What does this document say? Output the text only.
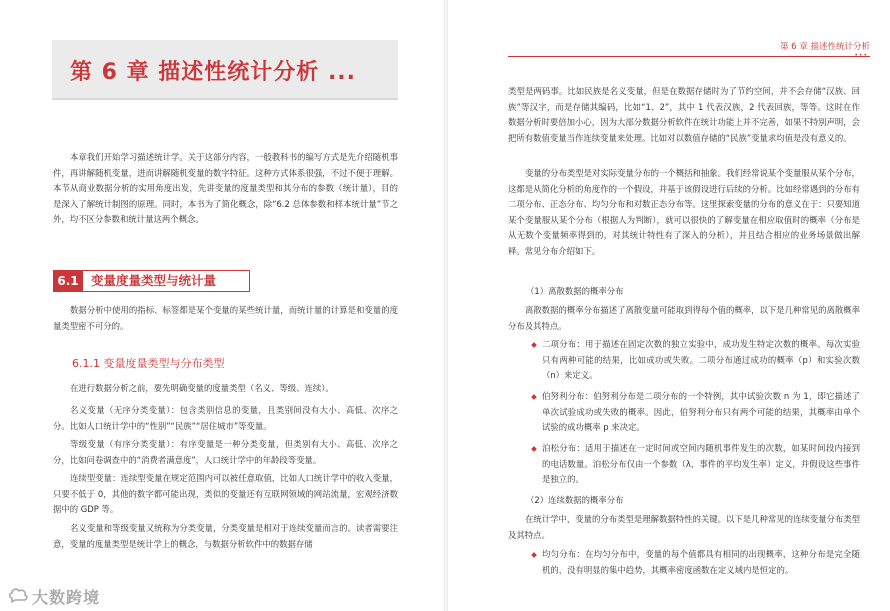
第 6 章 描述性统计分析 ...
本章我们开始学习描述统计学。关于这部分内容，一般教科书的编写方式是先介绍随机事件，再讲解随机变量，进而讲解随机变量的数字特征。这种方式体系很强，不过不便于理解。本节从商业数据分析的实用角度出发，先讲变量的度量类型和其分布的参数（统计量），目的是深入了解统计制图的原理。同时，本书为了简化概念，除“6.2 总体参数和样本统计量”节之外，均不区分参数和统计量这两个概念。
6.1 变量度量类型与统计量
数据分析中使用的指标、标签都是某个变量的某些统计量，而统计量的计算是和变量的度量类型密不可分的。
6.1.1 变量度量类型与分布类型
在进行数据分析之前，要先明确变量的度量类型（名义、等级、连续）。
名义变量（无序分类变量）：包含类别信息的变量，且类别间没有大小、高低、次序之分。比如人口统计学中的“性别”“民族”“居住城市”等变量。
等级变量（有序分类变量）：有序变量是一种分类变量，但类别有大小、高低、次序之分，比如问卷调查中的“消费者满意度”，人口统计学中的年龄段等变量。
连续型变量：连续型变量在规定范围内可以被任意取值，比如人口统计学中的收入变量，只要不低于 0，其他的数字都可能出现，类似的变量还有互联网领域的网站流量，宏观经济数据中的 GDP 等。
名义变量和等级变量又统称为分类变量，分类变量是相对于连续变量而言的。读者需要注意，变量的度量类型是统计学上的概念，与数据分析软件中的数据存储
第 6 章 描述性统计分析
类型是两码事。比如民族是名义变量，但是在数据存储时为了节约空间，并不会存储“汉族、回族”等汉字，而是存储其编码，比如“1、2”，其中 1 代表汉族，2 代表回族，等等。这时在作数据分析时要倍加小心，因为大部分数据分析软件在统计功能上并不完善，如果不特别声明，会把所有数值变量当作连续变量来处理。比如对以数值存储的“民族”变量求均值是没有意义的。
变量的分布类型是对实际变量分布的一个概括和抽象。我们经常说某个变量服从某个分布，这都是从简化分析的角度作的一个假设，并基于该假设进行后续的分析。比如经常遇到的分布有二项分布、正态分布、均匀分布和对数正态分布等。这里探索变量的分布的意义在于：只要知道某个变量服从某个分布（根据人为判断），就可以很快的了解变量在相应取值时的概率（分布是从无数个变量频率得到的，对其统计特性有了深入的分析），并且结合相应的业务场景做出解释。常见分布介绍如下。
（1）离散数据的概率分布
离散数据的概率分布描述了离散变量可能取到得每个值的概率，以下是几种常见的离散概率分布及其特点。
二项分布：用于描述在固定次数的独立实验中，成功发生特定次数的概率。每次实验只有两种可能的结果，比如成功或失败。二项分布通过成功的概率（p）和实验次数（n）来定义。
伯努利分布：伯努利分布是二项分布的一个特例，其中试验次数 n 为 1，即它描述了单次试验成功或失败的概率。因此，伯努利分布只有两个可能的结果，其概率由单个试验的成功概率 p 来决定。
泊松分布：适用于描述在一定时间或空间内随机事件发生的次数，如某时间段内接到的电话数量。泊松分布仅由一个参数（λ，事件的平均发生率）定义，并假设这些事件是独立的。
（2）连续数据的概率分布
在统计学中，变量的分布类型是理解数据特性的关键。以下是几种常见的连续变量分布类型及其特点。
均匀分布：在均匀分布中，变量的每个值都具有相同的出现概率，这种分布是完全随机的，没有明显的集中趋势，其概率密度函数在定义域内是恒定的。
大数跨境
